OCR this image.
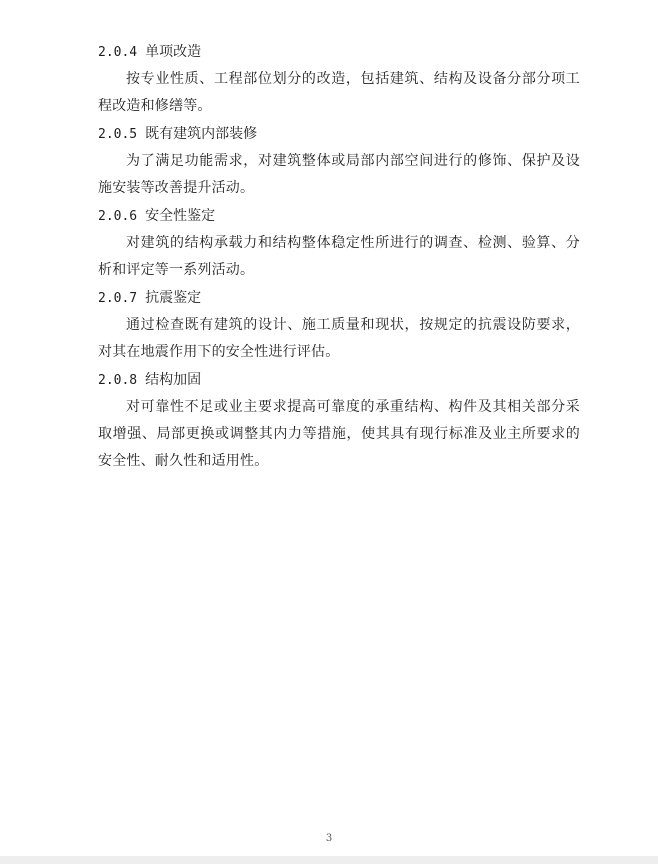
2.0.4 单项改造

按专业性质、工程部位划分的改造，包括建筑、结构及设备分部分项工程改造和修缮等。

2.0.5 既有建筑内部装修

为了满足功能需求，对建筑整体或局部内部空间进行的修饰、保护及设施安装等改善提升活动。

2.0.6 安全性鉴定

对建筑的结构承载力和结构整体稳定性所进行的调查、检测、验算、分析和评定等一系列活动。

2.0.7 抗震鉴定

通过检查既有建筑的设计、施工质量和现状，按规定的抗震设防要求，对其在地震作用下的安全性进行评估。

2.0.8 结构加固

对可靠性不足或业主要求提高可靠度的承重结构、构件及其相关部分采取增强、局部更换或调整其内力等措施，使其具有现行标准及业主所要求的安全性、耐久性和适用性。

3
